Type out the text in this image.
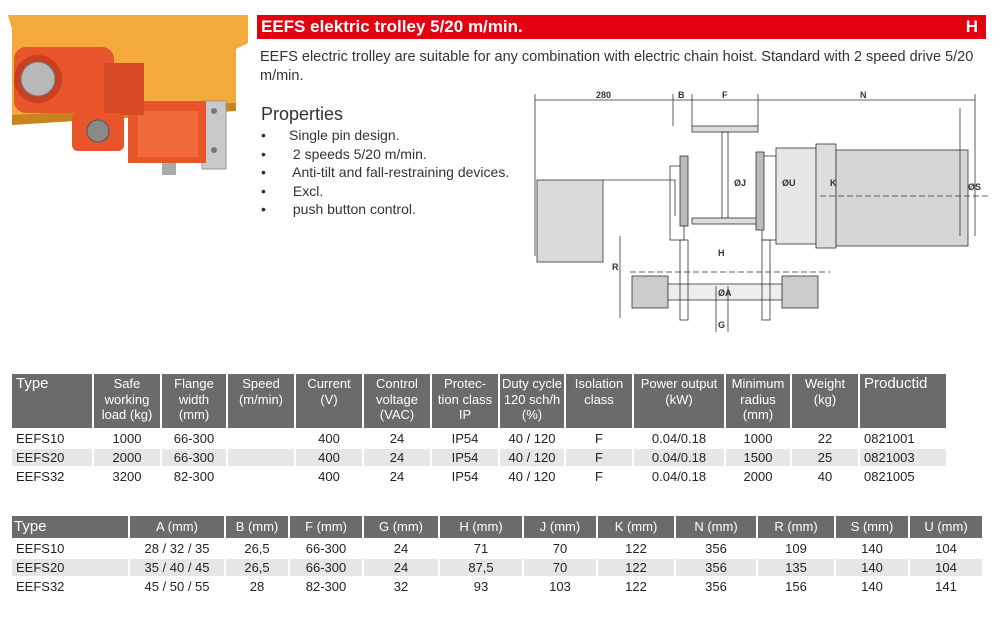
EEFS elektric trolley 5/20 m/min.	H
EEFS electric trolley are suitable for any combination with electric chain hoist. Standard with 2 speed drive 5/20 m/min.
Properties
• Single pin design.
• 2 speeds 5/20 m/min.
• Anti-tilt and fall-restraining devices.
• Excl.
• push button control.
280	B	F	N
ØS
K
ØU
ØJ
ØA
H
G
R
Type	Safe working load (kg)	Flange width (mm)	Speed (m/min)	Current (V)	Control voltage (VAC)	Protec-tion class IP	Duty cycle 120 sch/h (%)	Isolation class	Power output (kW)	Minimum radius (mm)	Weight (kg)	Productid
EEFS10	1000	66-300		400	24	IP54	40 / 120	F	0.04/0.18	1000	22	0821001
EEFS20	2000	66-300		400	24	IP54	40 / 120	F	0.04/0.18	1500	25	0821003
EEFS32	3200	82-300		400	24	IP54	40 / 120	F	0.04/0.18	2000	40	0821005
Type	A (mm)	B (mm)	F (mm)	G (mm)	H (mm)	J (mm)	K (mm)	N (mm)	R (mm)	S (mm)	U (mm)
EEFS10	28 / 32 / 35	26,5	66-300	24	71	70	122	356	109	140	104
EEFS20	35 / 40 / 45	26,5	66-300	24	87,5	70	122	356	135	140	104
EEFS32	45 / 50 / 55	28	82-300	32	93	103	122	356	156	140	141
